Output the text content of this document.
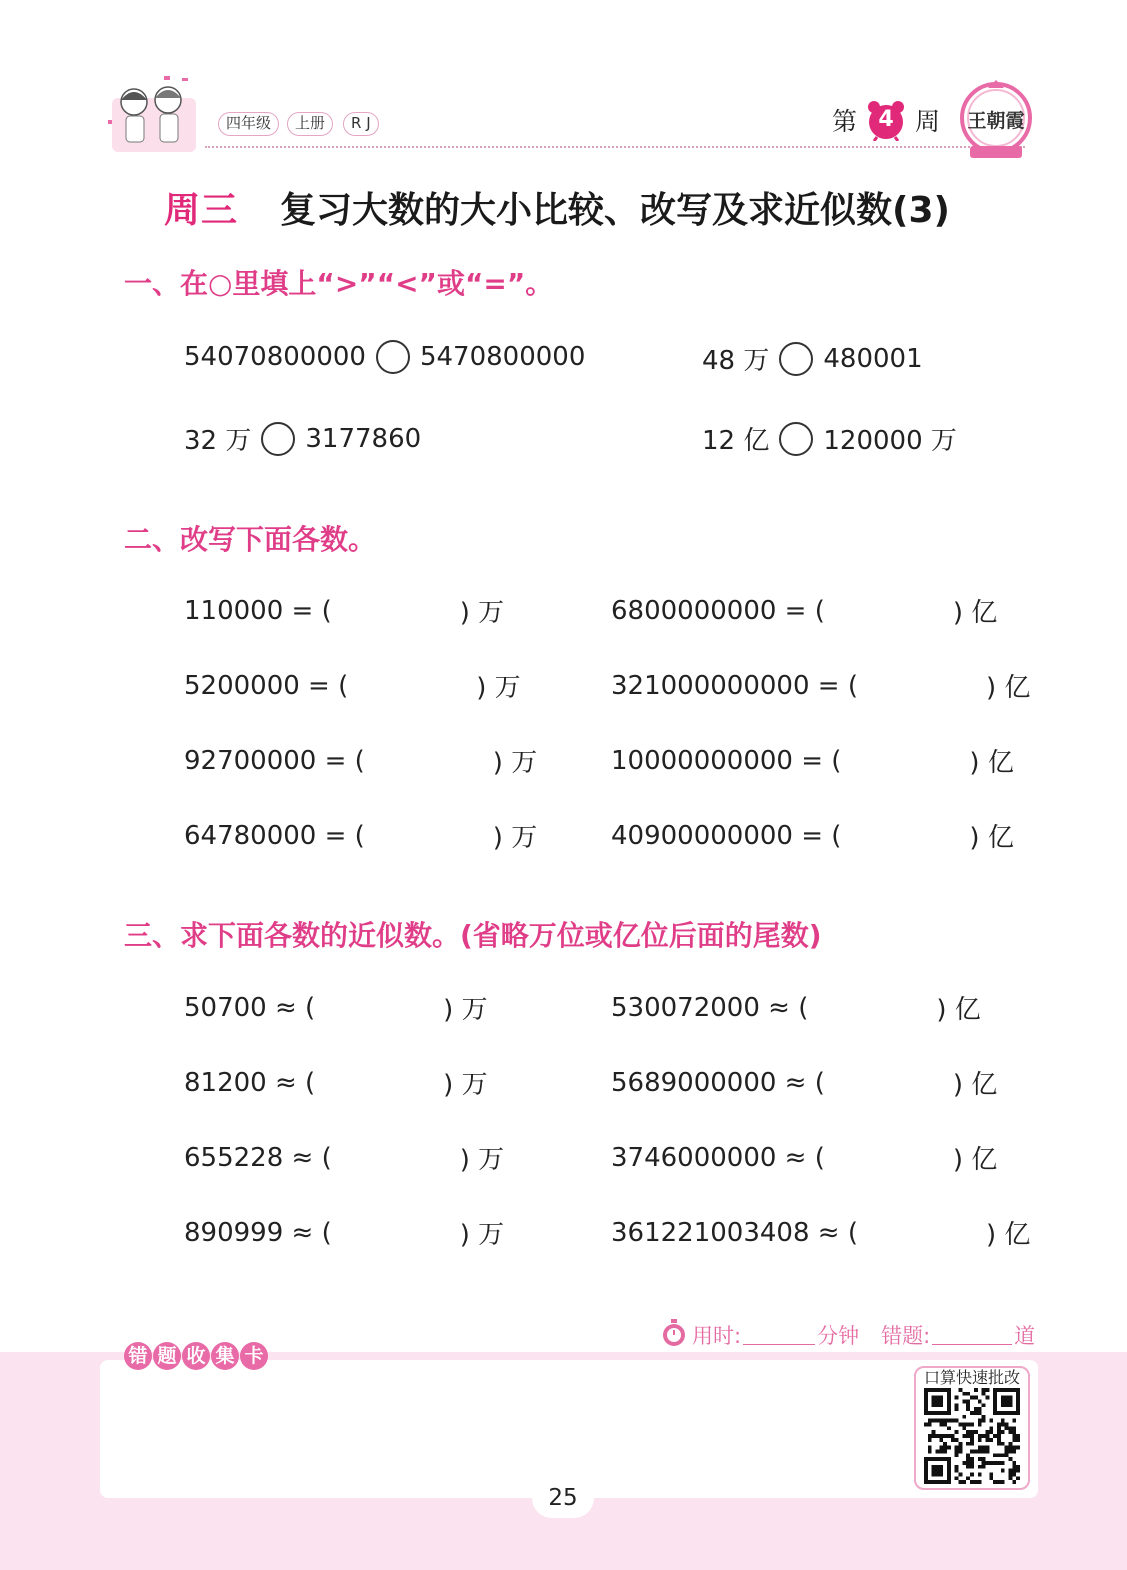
四年级	上册	R J	第 4 周	王朝霞
周三 复习大数的大小比较、改写及求近似数(3)
一、在○里填上“>”“<”或“=”。
54070800000 5470800000	48 万 480001
32 万 3177860	12 亿 120000 万
二、改写下面各数。
110000 = (	) 万	6800000000 = (	) 亿
5200000 = (	) 万	321000000000 = (	) 亿
92700000 = (	) 万	10000000000 = (	) 亿
64780000 = (	) 万	40900000000 = (	) 亿
三、求下面各数的近似数。(省略万位或亿位后面的尾数)
50700 ≈ (	) 万	530072000 ≈ (	) 亿
81200 ≈ (	) 万	5689000000 ≈ (	) 亿
655228 ≈ (	) 万	3746000000 ≈ (	) 亿
890999 ≈ (	) 万	361221003408 ≈ (	) 亿
用时:	分钟 错题:	道
错 题 收 集 卡
口算快速批改
25
